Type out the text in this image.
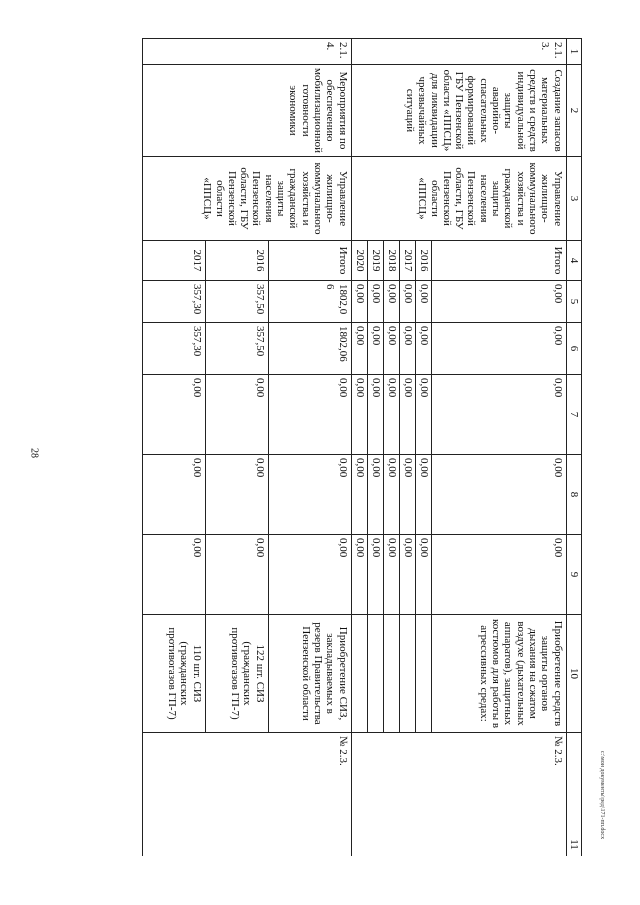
28
1	2	3	4	5	6	7	8	9	10	11
2.1.3.	Создание запасов материальных средств и средств индивидуальной защиты аварийно-спасательных формирований ГБУ Пензенской области «ППСЦ» для ликвидации чрезвычайных ситуаций	Управление жилищно-коммунального хозяйства и гражданской защиты населения Пензенской области, ГБУ Пензенской области «ППСЦ»	Итого	0,00	0,00	0,00	0,00	0,00	Приобретение средств защиты органов дыхания на сжатом воздухе (дыхательных аппаратов), защитных костюмов для работы в агрессивных средах:	№ 2.3.
			2016	0,00	0,00	0,00	0,00	0,00		
			2017	0,00	0,00	0,00	0,00	0,00		
			2018	0,00	0,00	0,00	0,00	0,00		
			2019	0,00	0,00	0,00	0,00	0,00		
			2020	0,00	0,00	0,00	0,00	0,00		
2.1.4.	Мероприятия по обеспечению мобилизационной готовности экономики	Управление жилищно-коммунального хозяйства и гражданской защиты населения Пензенской области, ГБУ Пензенской области «ППСЦ»	Итого	1802,06	1802,06	0,00	0,00	0,00	Приобретение СИЗ, закладываемых в резерв Правительства Пензенской области	№ 2.3.
			2016	357,50	357,50	0,00	0,00	0,00	122 шт. СИЗ (гражданских противогазов ГП-7)	
			2017	357,30	357,30	0,00	0,00	0,00	110 шт. СИЗ (гражданских противогазов ГП-7)	
c:\мои документы\ред\171-пп.docx
